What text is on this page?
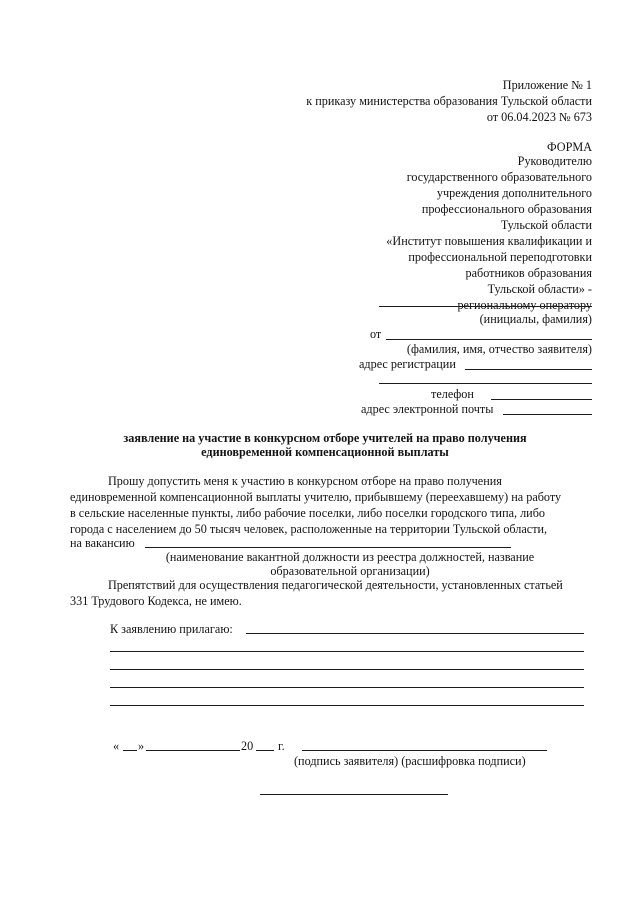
Приложение № 1
к приказу министерства образования Тульской области
от 06.04.2023 № 673
ФОРМА
Руководителю
государственного образовательного
учреждения дополнительного
профессионального образования
Тульской области
«Институт повышения квалификации и
профессиональной переподготовки
работников образования
Тульской области» -
региональному оператору
(инициалы, фамилия)
от
(фамилия, имя, отчество заявителя)
адрес регистрации
телефон
адрес электронной почты
заявление на участие в конкурсном отборе учителей на право получения
единовременной компенсационной выплаты
Прошу допустить меня к участию в конкурсном отборе на право получения
единовременной компенсационной выплаты учителю, прибывшему (переехавшему) на работу
в сельские населенные пункты, либо рабочие поселки, либо поселки городского типа, либо
города с населением до 50 тысяч человек, расположенные на территории Тульской области,
на вакансию
(наименование вакантной должности из реестра должностей, название
образовательной организации)
Препятствий для осуществления педагогической деятельности, установленных статьей
331 Трудового Кодекса, не имею.
К заявлению прилагаю:
« »	20 г.
(подпись заявителя) (расшифровка подписи)
